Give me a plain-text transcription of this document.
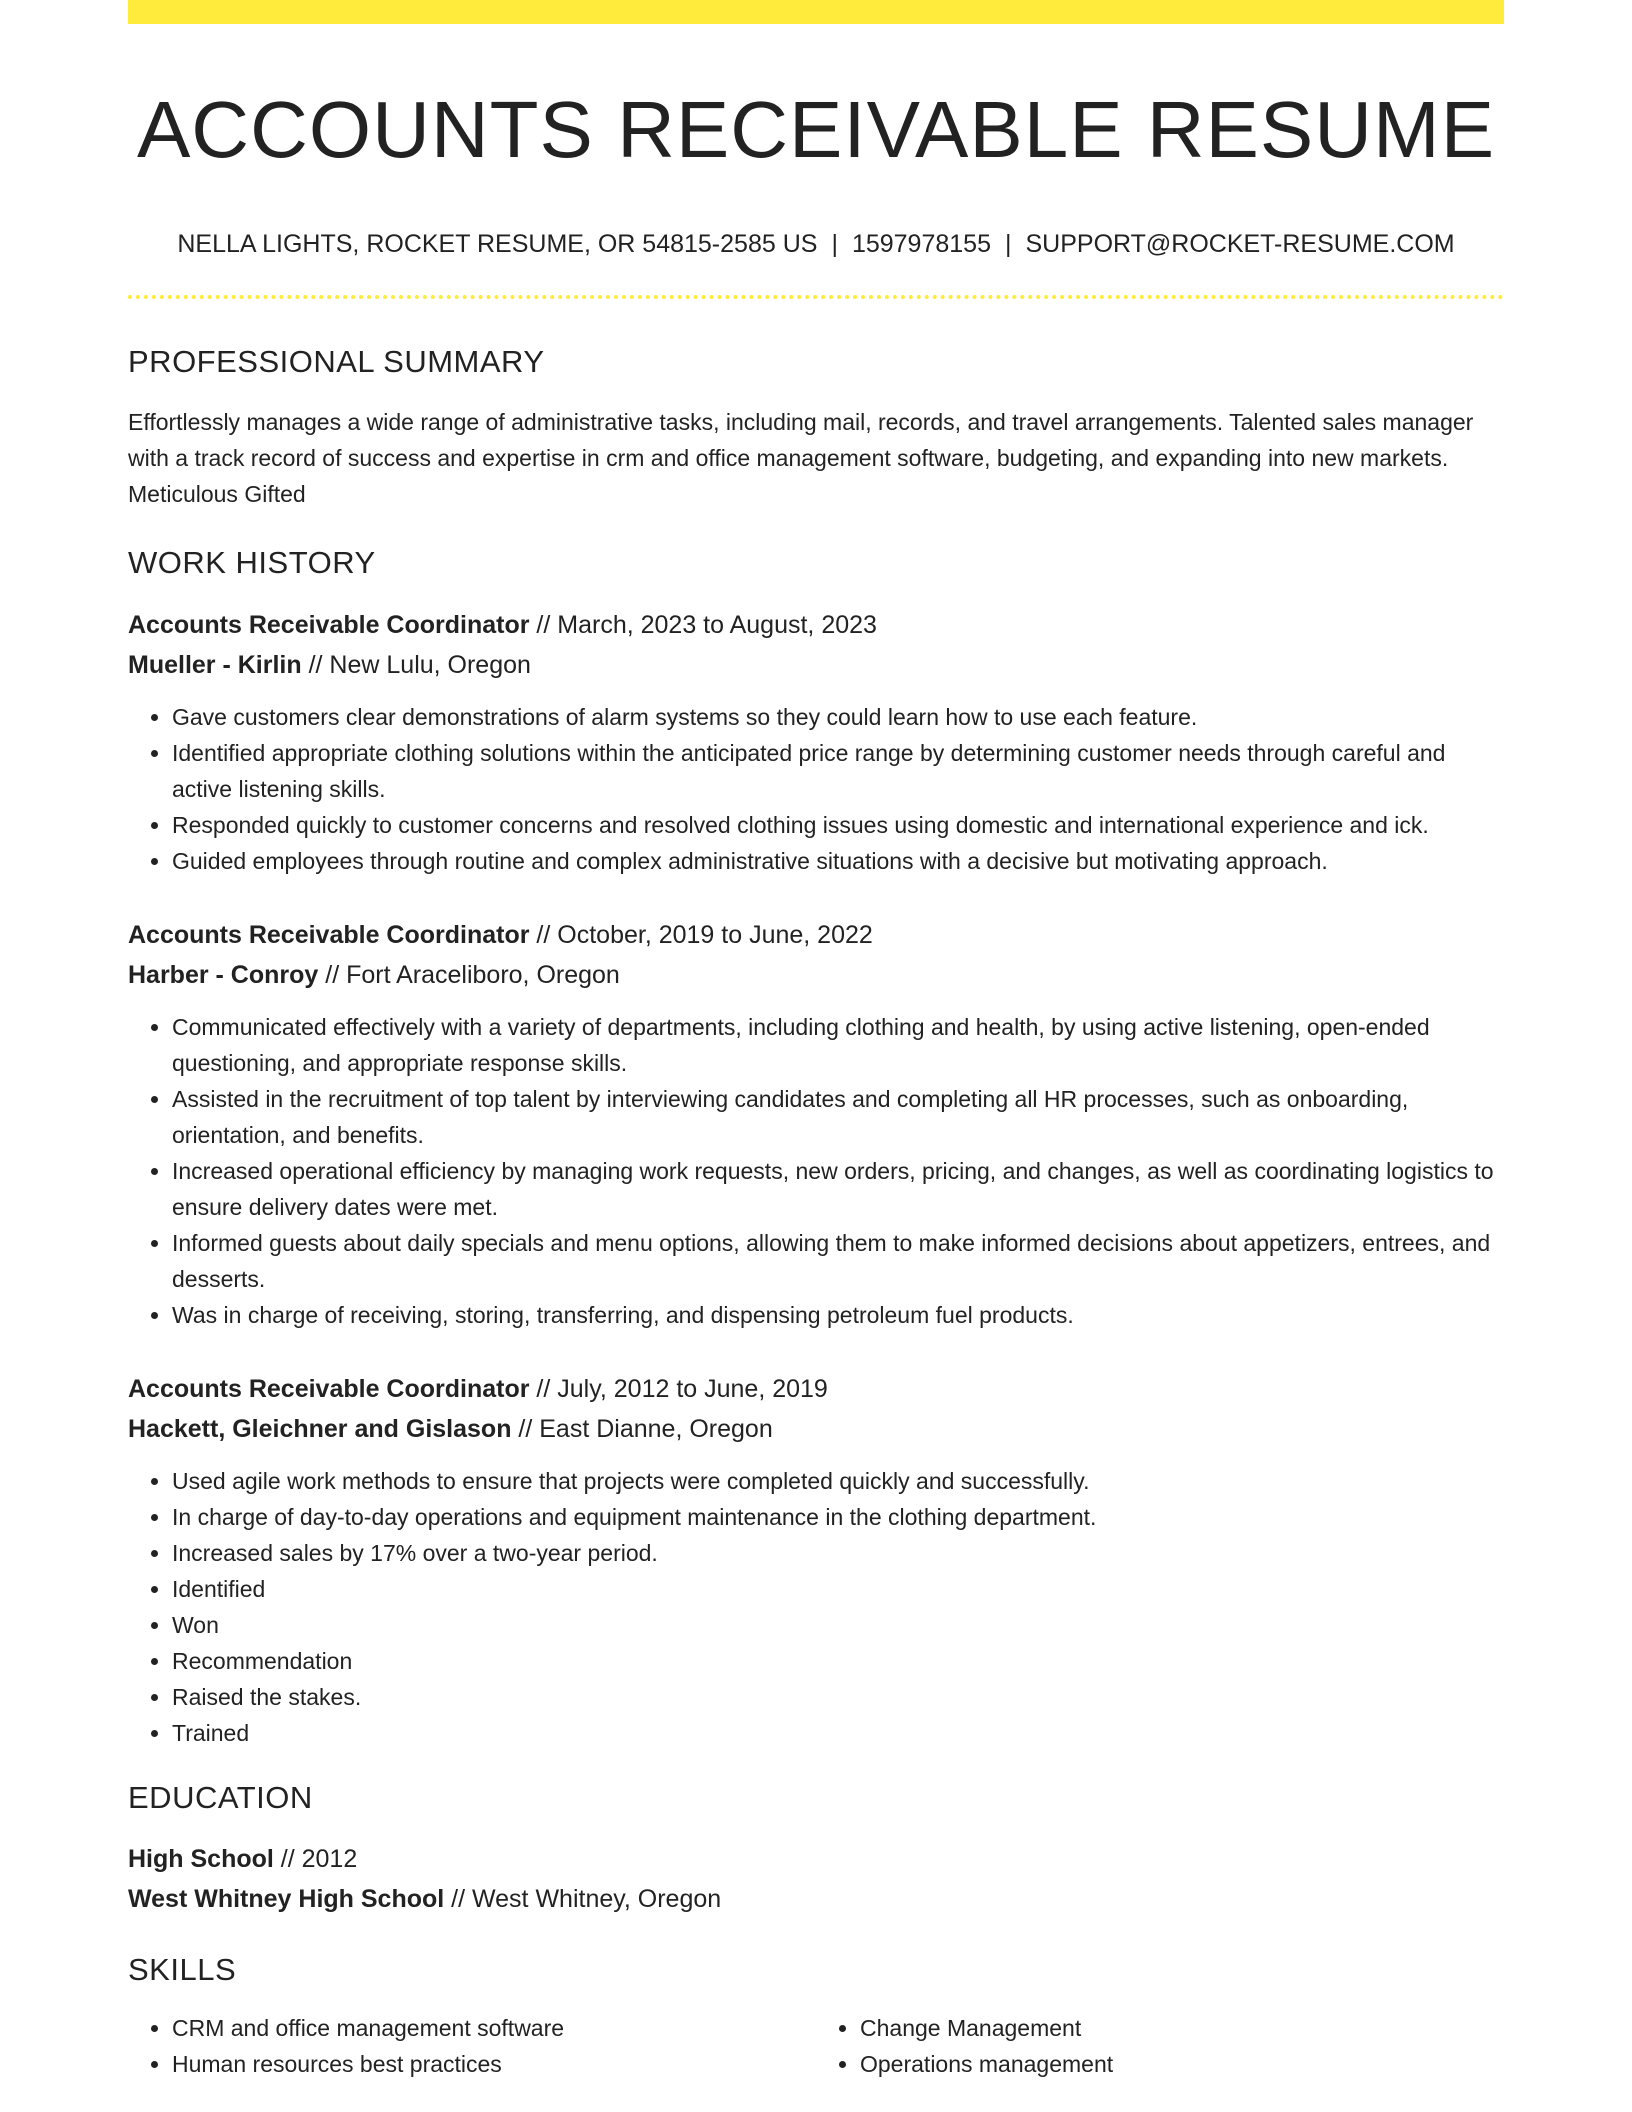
ACCOUNTS RECEIVABLE RESUME
NELLA LIGHTS, ROCKET RESUME, OR 54815-2585 US | 1597978155 | SUPPORT@ROCKET-RESUME.COM
PROFESSIONAL SUMMARY

Effortlessly manages a wide range of administrative tasks, including mail, records, and travel arrangements. Talented sales manager with a track record of success and expertise in crm and office management software, budgeting, and expanding into new markets. Meticulous Gifted

WORK HISTORY
Accounts Receivable Coordinator // March, 2023 to August, 2023
Mueller - Kirlin // New Lulu, Oregon
• Gave customers clear demonstrations of alarm systems so they could learn how to use each feature.
• Identified appropriate clothing solutions within the anticipated price range by determining customer needs through careful and active listening skills.
• Responded quickly to customer concerns and resolved clothing issues using domestic and international experience and ick.
• Guided employees through routine and complex administrative situations with a decisive but motivating approach.
Accounts Receivable Coordinator // October, 2019 to June, 2022
Harber - Conroy // Fort Araceliboro, Oregon
• Communicated effectively with a variety of departments, including clothing and health, by using active listening, open-ended questioning, and appropriate response skills.
• Assisted in the recruitment of top talent by interviewing candidates and completing all HR processes, such as onboarding, orientation, and benefits.
• Increased operational efficiency by managing work requests, new orders, pricing, and changes, as well as coordinating logistics to ensure delivery dates were met.
• Informed guests about daily specials and menu options, allowing them to make informed decisions about appetizers, entrees, and desserts.
• Was in charge of receiving, storing, transferring, and dispensing petroleum fuel products.
Accounts Receivable Coordinator // July, 2012 to June, 2019
Hackett, Gleichner and Gislason // East Dianne, Oregon
• Used agile work methods to ensure that projects were completed quickly and successfully.
• In charge of day-to-day operations and equipment maintenance in the clothing department.
• Increased sales by 17% over a two-year period.
• Identified
• Won
• Recommendation
• Raised the stakes.
• Trained
EDUCATION
High School // 2012
West Whitney High School // West Whitney, Oregon
SKILLS
• CRM and office management software
• Human resources best practices
• Change Management
• Operations management
